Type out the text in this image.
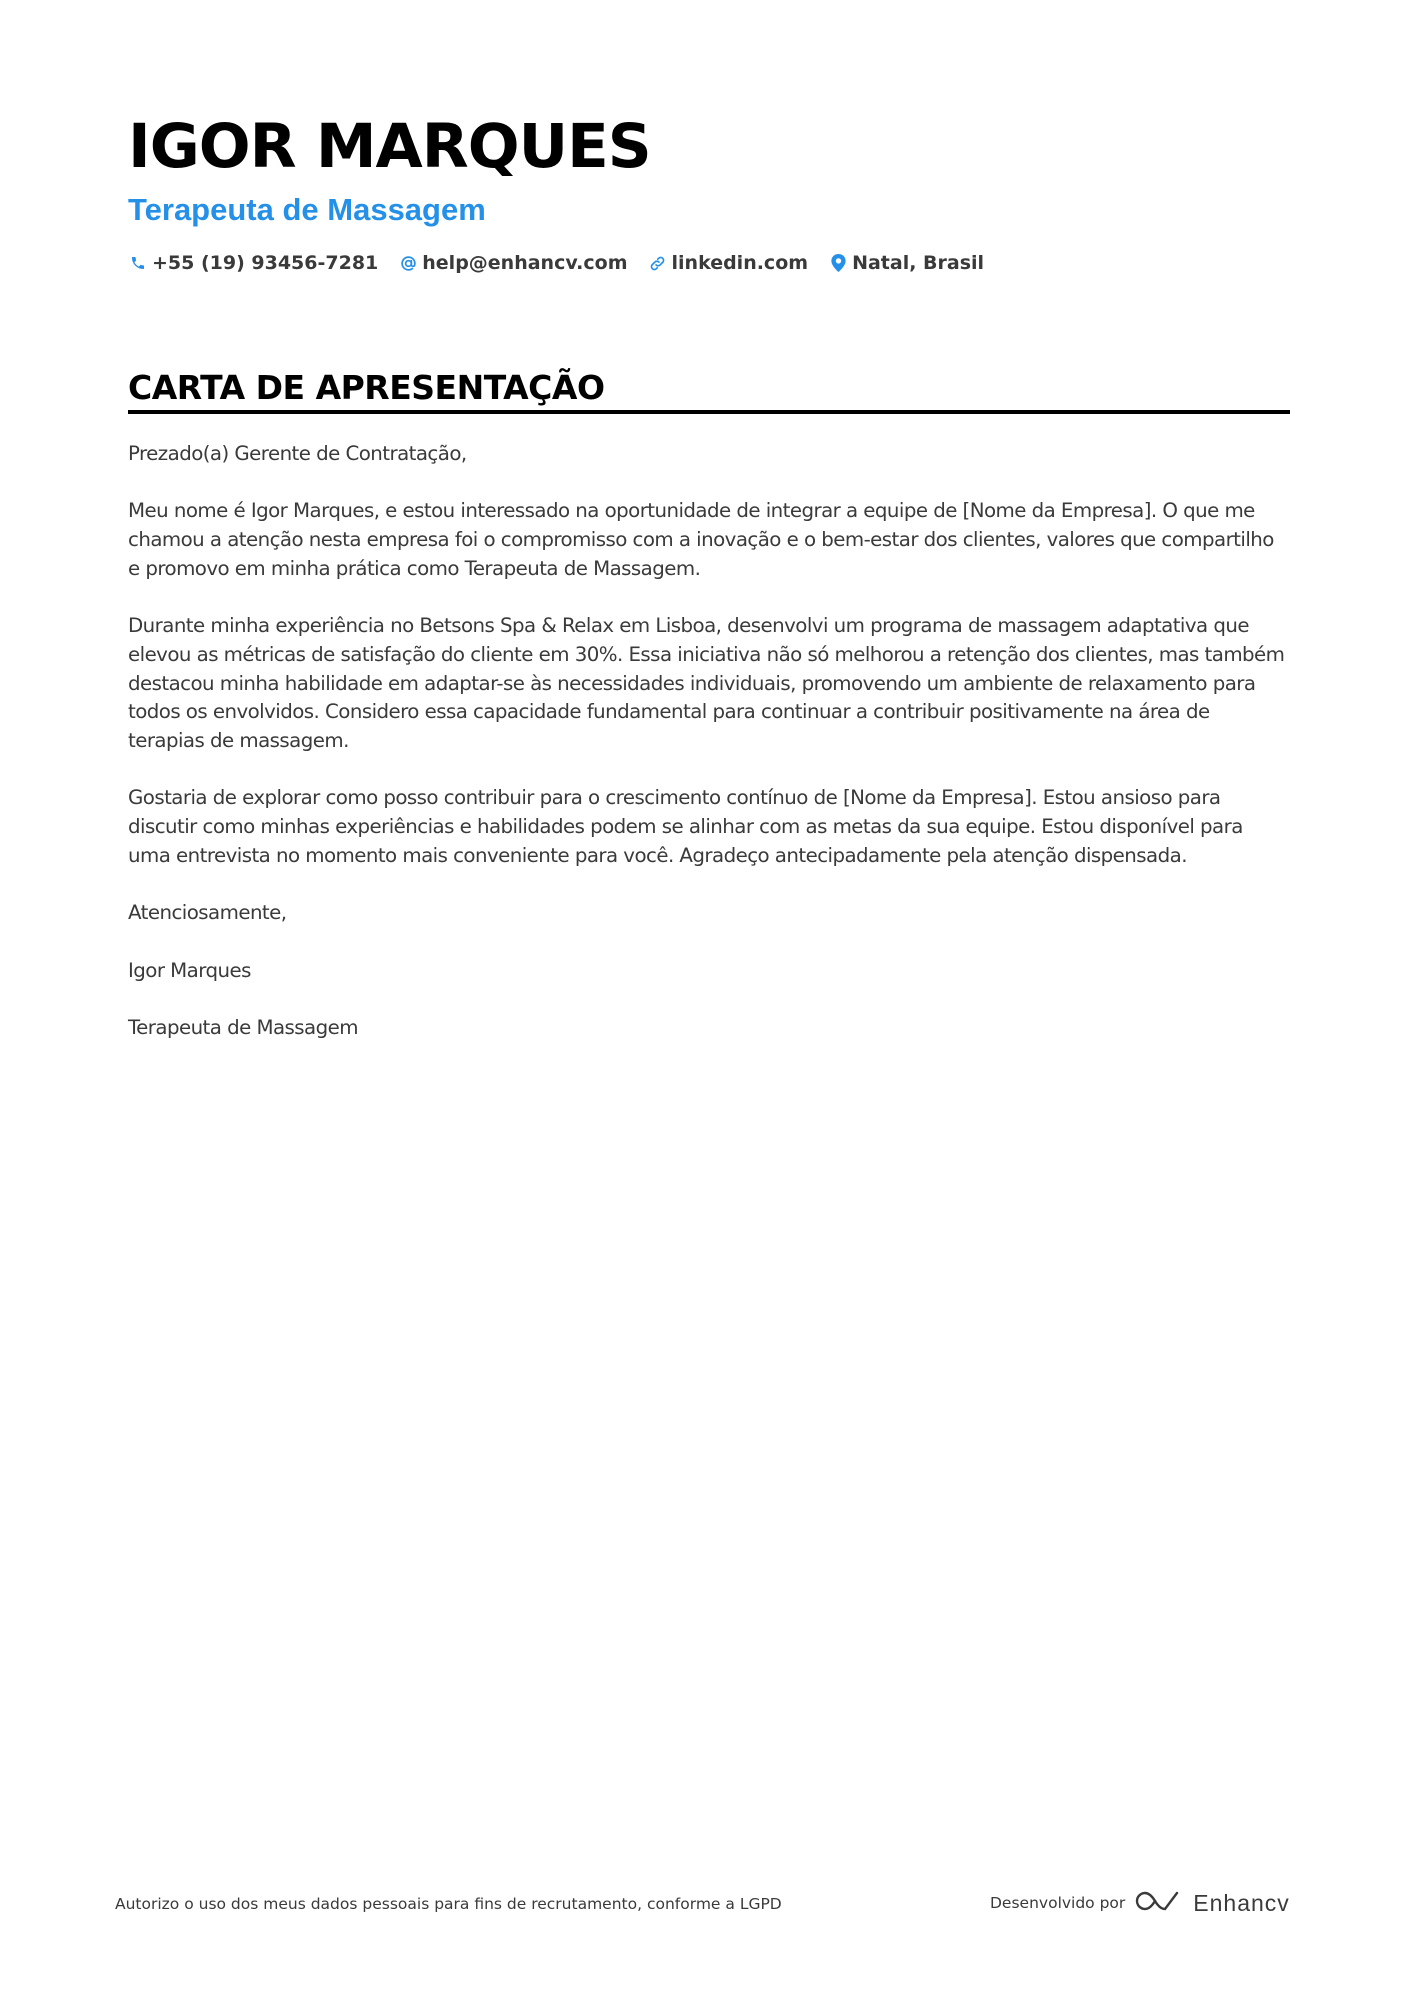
IGOR MARQUES
Terapeuta de Massagem
+55 (19) 93456-7281 help@enhancv.com linkedin.com Natal, Brasil
CARTA DE APRESENTAÇÃO

Prezado(a) Gerente de Contratação,

Meu nome é Igor Marques, e estou interessado na oportunidade de integrar a equipe de [Nome da Empresa]. O que me chamou a atenção nesta empresa foi o compromisso com a inovação e o bem-estar dos clientes, valores que compartilho e promovo em minha prática como Terapeuta de Massagem.

Durante minha experiência no Betsons Spa & Relax em Lisboa, desenvolvi um programa de massagem adaptativa que elevou as métricas de satisfação do cliente em 30%. Essa iniciativa não só melhorou a retenção dos clientes, mas também destacou minha habilidade em adaptar-se às necessidades individuais, promovendo um ambiente de relaxamento para todos os envolvidos. Considero essa capacidade fundamental para continuar a contribuir positivamente na área de terapias de massagem.

Gostaria de explorar como posso contribuir para o crescimento contínuo de [Nome da Empresa]. Estou ansioso para discutir como minhas experiências e habilidades podem se alinhar com as metas da sua equipe. Estou disponível para uma entrevista no momento mais conveniente para você. Agradeço antecipadamente pela atenção dispensada.

Atenciosamente,

Igor Marques

Terapeuta de Massagem

Autorizo o uso dos meus dados pessoais para fins de recrutamento, conforme a LGPD	Desenvolvido por	Enhancv
